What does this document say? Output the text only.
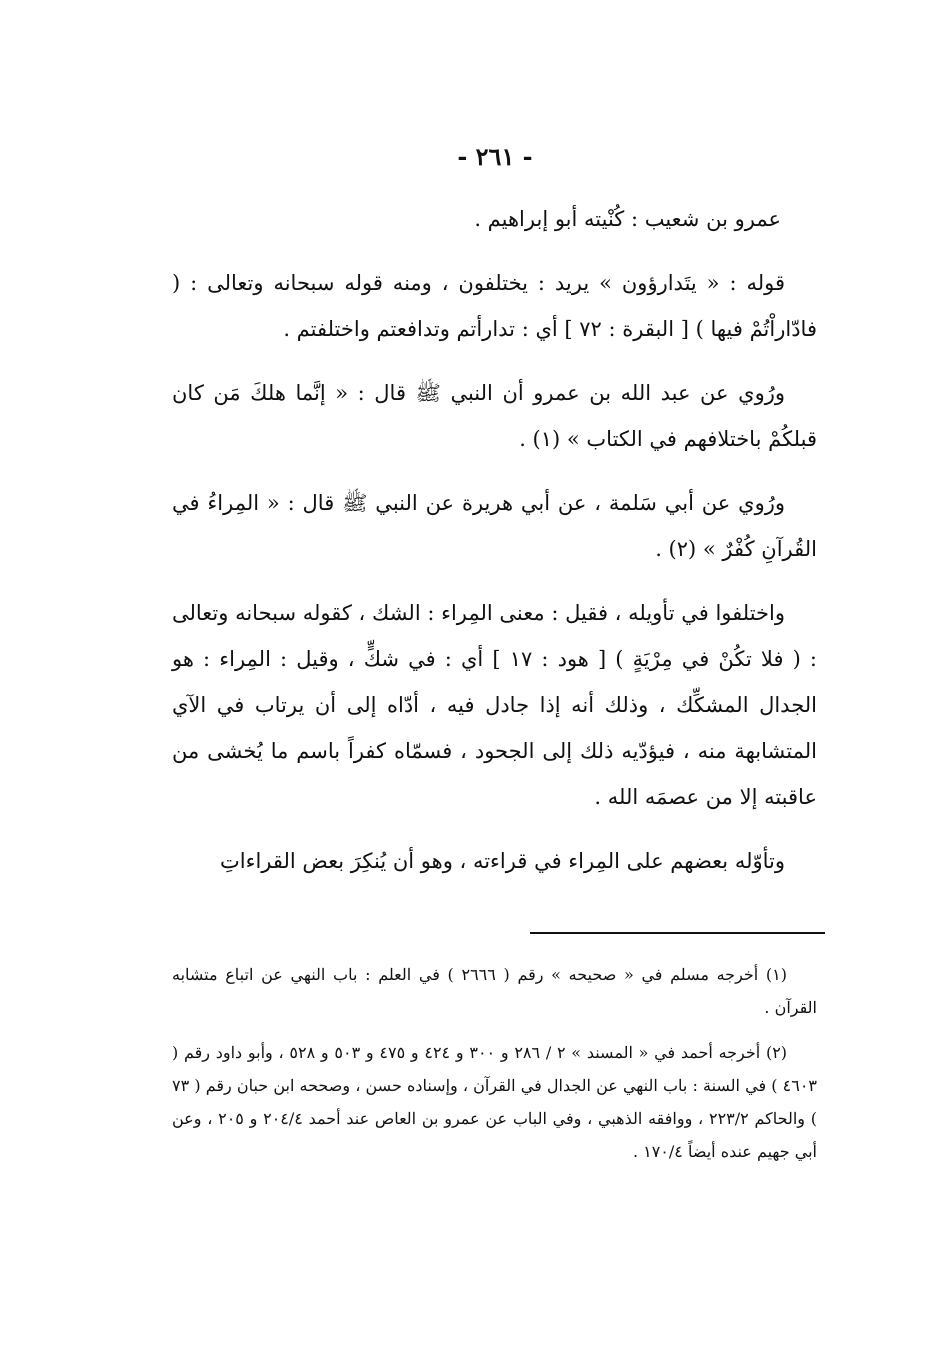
- ٢٦١ -

عمرو بن شعيب : كُنْيته أبو إبراهيم .

قوله : « يتَدارؤون » يريد : يختلفون ، ومنه قوله سبحانه وتعالى : ( فادّاراْتُمْ فيها ) [ البقرة : ٧٢ ] أي : تدارأتم وتدافعتم واختلفتم .

ورُوي عن عبد الله بن عمرو أن النبي ﷺ قال : « إنَّما هلكَ مَن كان قبلكُمْ باختلافهم في الكتاب » (١) .

ورُوي عن أبي سَلمة ، عن أبي هريرة عن النبي ﷺ قال : « المِراءُ في القُرآنِ كُفْرٌ » (٢) .

واختلفوا في تأويله ، فقيل : معنى المِراء : الشك ، كقوله سبحانه وتعالى : ( فلا تكُنْ في مِرْيَةٍ ) [ هود : ١٧ ] أي : في شكٍّ ، وقيل : المِراء : هو الجدال المشكِّك ، وذلك أنه إذا جادل فيه ، أدّاه إلى أن يرتاب في الآي المتشابهة منه ، فيؤدّيه ذلك إلى الجحود ، فسمّاه كفراً باسم ما يُخشى من عاقبته إلا من عصمَه الله .

وتأوّله بعضهم على المِراء في قراءته ، وهو أن يُنكِرَ بعض القراءاتِ

(١) أخرجه مسلم في « صحيحه » رقم ( ٢٦٦٦ ) في العلم : باب النهي عن اتباع متشابه القرآن .

(٢) أخرجه أحمد في « المسند » ٢ / ٢٨٦ و ٣٠٠ و ٤٢٤ و ٤٧٥ و ٥٠٣ و ٥٢٨ ، وأبو داود رقم ( ٤٦٠٣ ) في السنة : باب النهي عن الجدال في القرآن ، وإسناده حسن ، وصححه ابن حبان رقم ( ٧٣ ) والحاكم ٢٢٣/٢ ، ووافقه الذهبي ، وفي الباب عن عمرو بن العاص عند أحمد ٢٠٤/٤ و ٢٠٥ ، وعن أبي جهيم عنده أيضاً ١٧٠/٤ .
